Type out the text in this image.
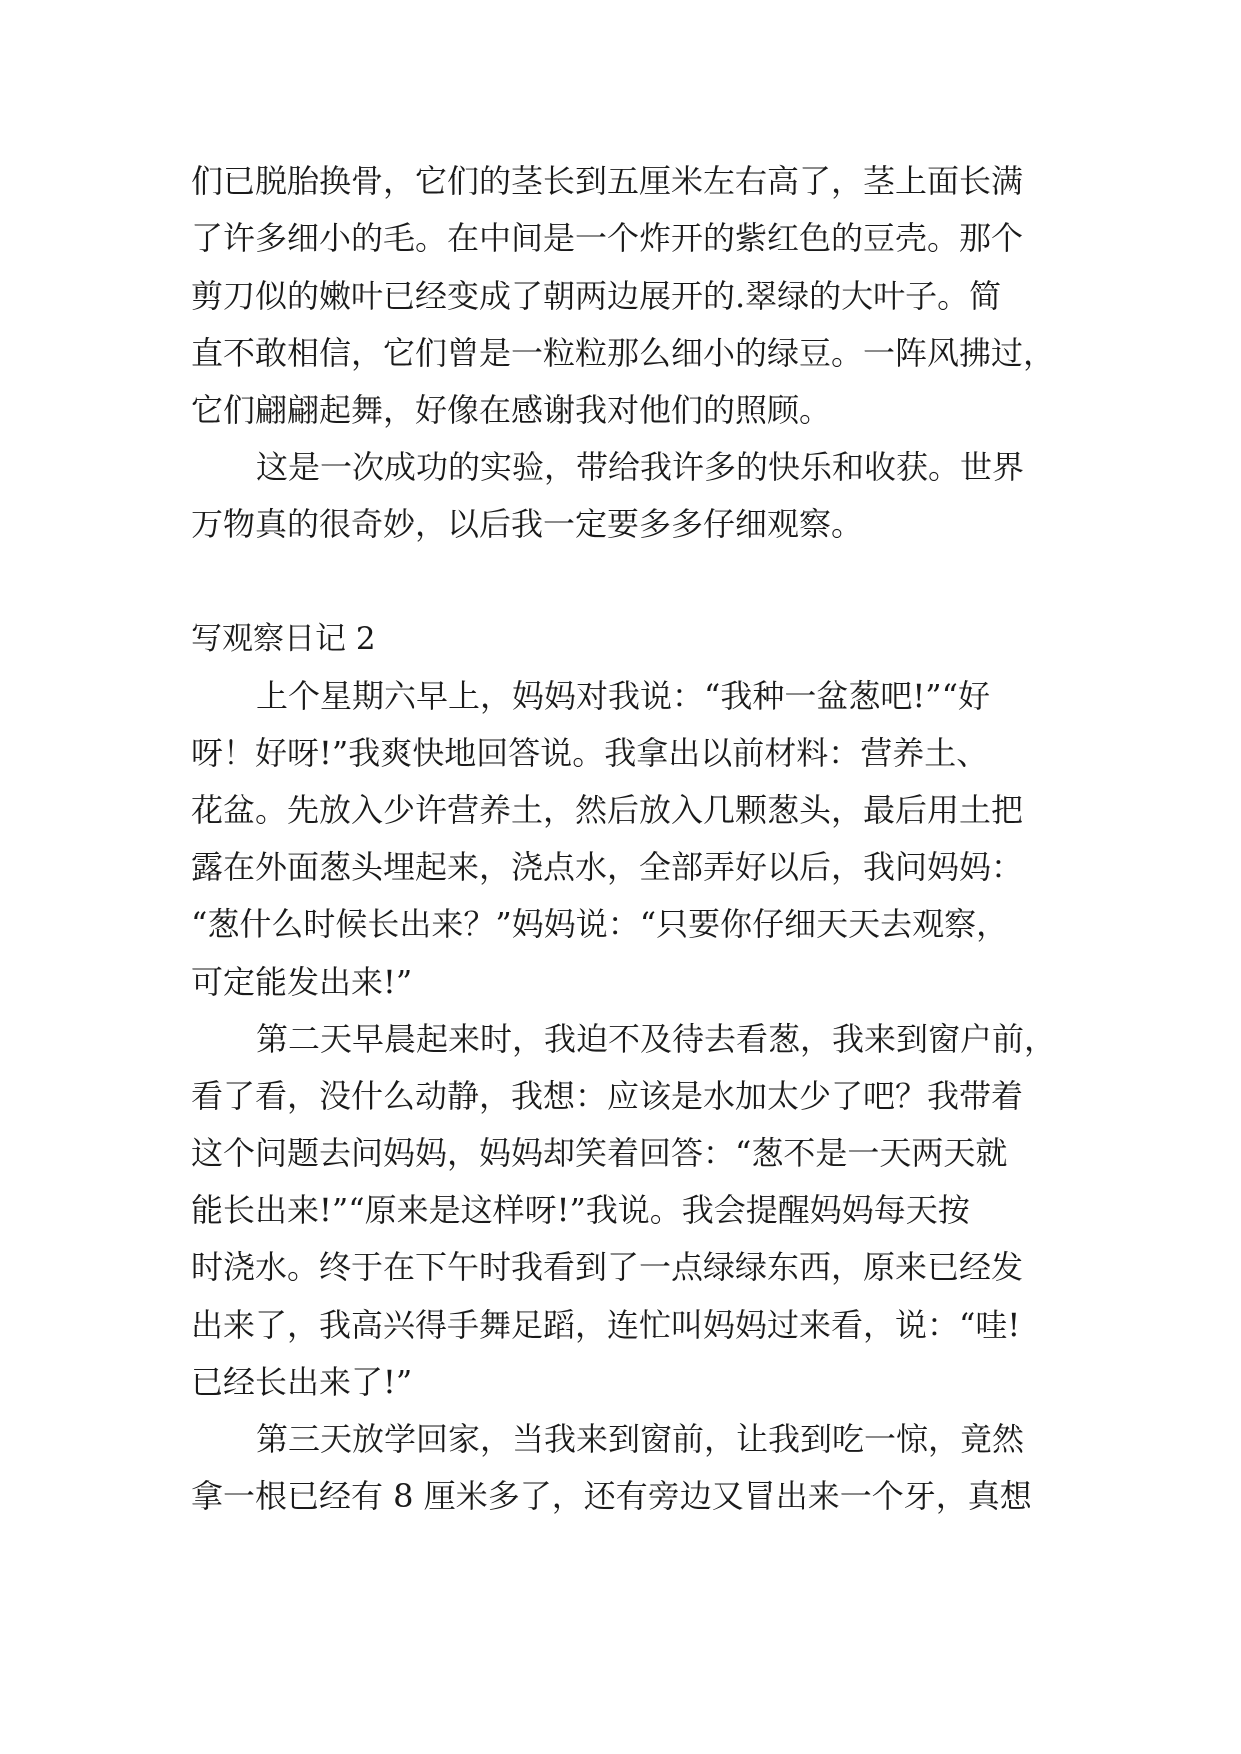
们已脱胎换骨，它们的茎长到五厘米左右高了，茎上面长满
了许多细小的毛。在中间是一个炸开的紫红色的豆壳。那个
剪刀似的嫩叶已经变成了朝两边展开的.翠绿的大叶子。简
直不敢相信，它们曾是一粒粒那么细小的绿豆。一阵风拂过，
它们翩翩起舞，好像在感谢我对他们的照顾。
这是一次成功的实验，带给我许多的快乐和收获。世界
万物真的很奇妙，以后我一定要多多仔细观察。
写观察日记 2
上个星期六早上，妈妈对我说：“我种一盆葱吧!”“好
呀！好呀!”我爽快地回答说。我拿出以前材料：营养土、
花盆。先放入少许营养土，然后放入几颗葱头，最后用土把
露在外面葱头埋起来，浇点水，全部弄好以后，我问妈妈：
“葱什么时候长出来？”妈妈说：“只要你仔细天天去观察，
可定能发出来!”
第二天早晨起来时，我迫不及待去看葱，我来到窗户前，
看了看，没什么动静，我想：应该是水加太少了吧？我带着
这个问题去问妈妈，妈妈却笑着回答：“葱不是一天两天就
能长出来!”“原来是这样呀!”我说。我会提醒妈妈每天按
时浇水。终于在下午时我看到了一点绿绿东西，原来已经发
出来了，我高兴得手舞足蹈，连忙叫妈妈过来看，说：“哇!
已经长出来了!”
第三天放学回家，当我来到窗前，让我到吃一惊，竟然
拿一根已经有 8 厘米多了，还有旁边又冒出来一个牙，真想
